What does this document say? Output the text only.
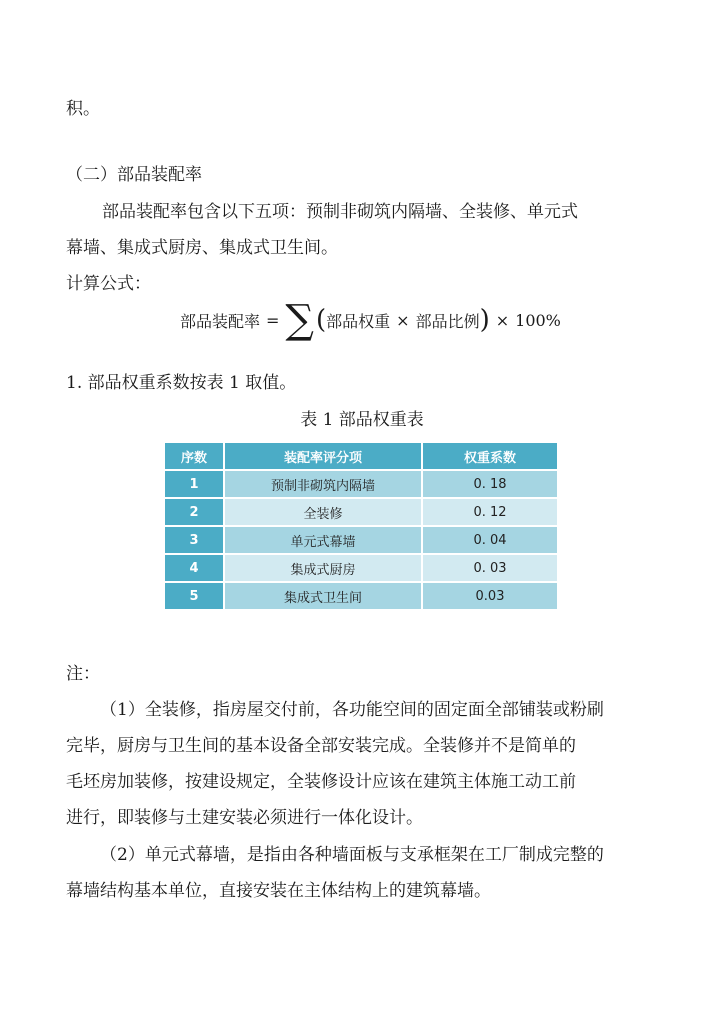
积。
（二）部品装配率
部品装配率包含以下五项：预制非砌筑内隔墙、全装修、单元式
幕墙、集成式厨房、集成式卫生间。
计算公式：
部品装配率 = ∑ ( 部品权重 × 部品比例 ) × 100%
1. 部品权重系数按表 1 取值。
表 1 部品权重表
序数	装配率评分项	权重系数
1	预制非砌筑内隔墙	0. 18
2	全装修	0. 12
3	单元式幕墙	0. 04
4	集成式厨房	0. 03
5	集成式卫生间	0.03
注：
（1）全装修，指房屋交付前，各功能空间的固定面全部铺装或粉刷
完毕，厨房与卫生间的基本设备全部安装完成。全装修并不是简单的
毛坯房加装修，按建设规定，全装修设计应该在建筑主体施工动工前
进行，即装修与土建安装必须进行一体化设计。
（2）单元式幕墙，是指由各种墙面板与支承框架在工厂制成完整的
幕墙结构基本单位，直接安装在主体结构上的建筑幕墙。
